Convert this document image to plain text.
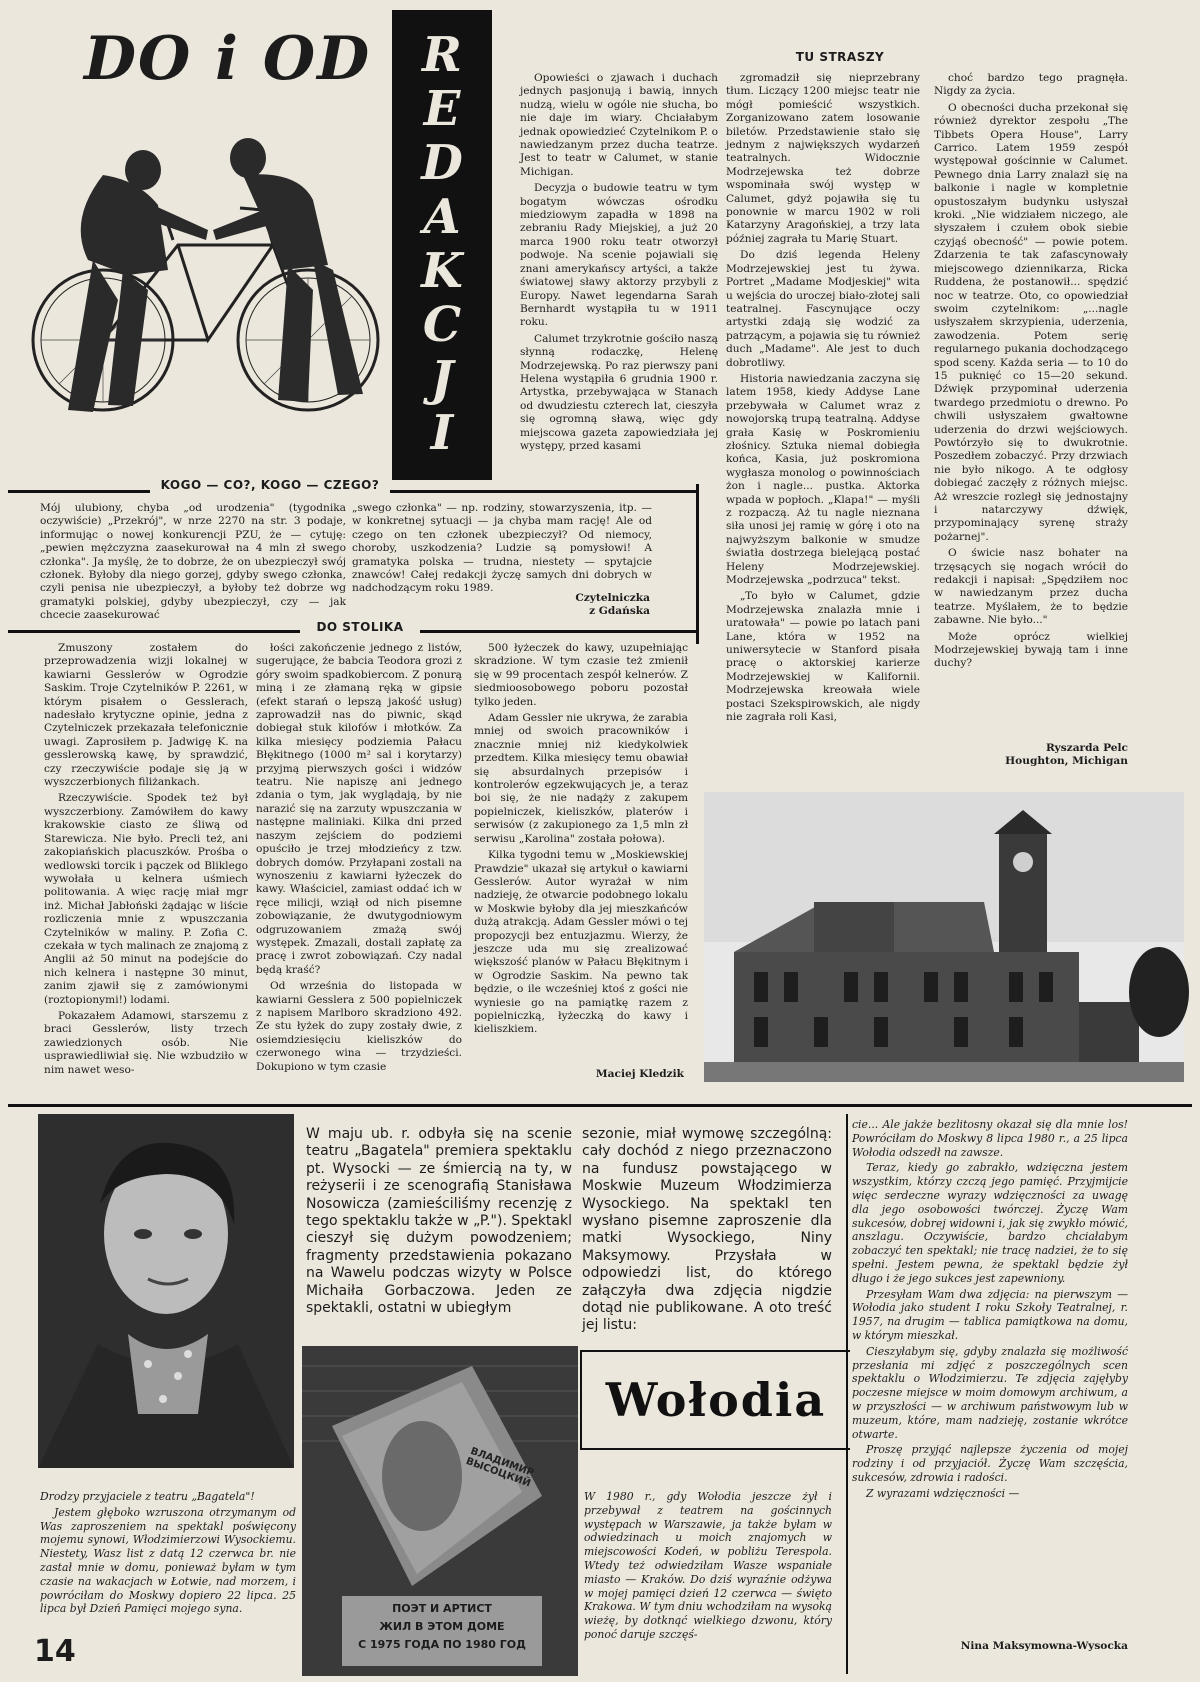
DO i OD	R
E
D
A
K
C
J
I
TU STRASZY

Opowieści o zjawach i duchach jednych pasjonują i bawią, innych nudzą, wielu w ogóle nie słucha, bo nie daje im wiary. Chciałabym jednak opowiedzieć Czytelnikom P. o nawiedzanym przez ducha teatrze. Jest to teatr w Calumet, w stanie Michigan.

Decyzja o budowie teatru w tym bogatym wówczas ośrodku miedziowym zapadła w 1898 na zebraniu Rady Miejskiej, a już 20 marca 1900 roku teatr otworzył podwoje. Na scenie pojawiali się znani amerykańscy artyści, a także światowej sławy aktorzy przybyli z Europy. Nawet legendarna Sarah Bernhardt wystąpiła tu w 1911 roku.

Calumet trzykrotnie gościło naszą słynną rodaczkę, Helenę Modrzejewską. Po raz pierwszy pani Helena wystąpiła 6 grudnia 1900 r. Artystka, przebywająca w Stanach od dwudziestu czterech lat, cieszyła się ogromną sławą, więc gdy miejscowa gazeta zapowiedziała jej występy, przed kasami

zgromadził się nieprzebrany tłum. Liczący 1200 miejsc teatr nie mógł pomieścić wszystkich. Zorganizowano zatem losowanie biletów. Przedstawienie stało się jednym z największych wydarzeń teatralnych. Widocznie Modrzejewska też dobrze wspominała swój występ w Calumet, gdyż pojawiła się tu ponownie w marcu 1902 w roli Katarzyny Aragońskiej, a trzy lata później zagrała tu Marię Stuart.

Do dziś legenda Heleny Modrzejewskiej jest tu żywa. Portret „Madame Modjeskiej" wita u wejścia do uroczej biało-złotej sali teatralnej. Fascynujące oczy artystki zdają się wodzić za patrzącym, a pojawia się tu również duch „Madame". Ale jest to duch dobrotliwy.

Historia nawiedzania zaczyna się latem 1958, kiedy Addyse Lane przebywała w Calumet wraz z nowojorską trupą teatralną. Addyse grała Kasię w Poskromieniu złośnicy. Sztuka niemal dobiegła końca, Kasia, już poskromiona wygłasza monolog o powinnościach żon i nagle... pustka. Aktorka wpada w popłoch. „Klapa!" — myśli z rozpaczą. Aż tu nagle nieznana siła unosi jej ramię w górę i oto na najwyższym balkonie w smudze światła dostrzega bielejącą postać Heleny Modrzejewskiej. Modrzejewska „podrzuca" tekst.

„To było w Calumet, gdzie Modrzejewska znalazła mnie i uratowała" — powie po latach pani Lane, która w 1952 na uniwersytecie w Stanford pisała pracę o aktorskiej karierze Modrzejewskiej w Kalifornii. Modrzejewska kreowała wiele postaci Szekspirowskich, ale nigdy nie zagrała roli Kasi,

choć bardzo tego pragnęła. Nigdy za życia.

O obecności ducha przekonał się również dyrektor zespołu „The Tibbets Opera House", Larry Carrico. Latem 1959 zespół występował gościnnie w Calumet. Pewnego dnia Larry znalazł się na balkonie i nagle w kompletnie opustoszałym budynku usłyszał kroki. „Nie widziałem niczego, ale słyszałem i czułem obok siebie czyjąś obecność" — powie potem. Zdarzenia te tak zafascynowały miejscowego dziennikarza, Ricka Ruddena, że postanowił... spędzić noc w teatrze. Oto, co opowiedział swoim czytelnikom: „...nagle usłyszałem skrzypienia, uderzenia, zawodzenia. Potem serię regularnego pukania dochodzącego spod sceny. Każda seria — to 10 do 15 puknięć co 15—20 sekund. Dźwięk przypominał uderzenia twardego przedmiotu o drewno. Po chwili usłyszałem gwałtowne uderzenia do drzwi wejściowych. Powtórzyło się to dwukrotnie. Poszedłem zobaczyć. Przy drzwiach nie było nikogo. A te odgłosy dobiegać zaczęły z różnych miejsc. Aż wreszcie rozległ się jednostajny i natarczywy dźwięk, przypominający syrenę straży pożarnej".

O świcie nasz bohater na trzęsących się nogach wrócił do redakcji i napisał: „Spędziłem noc w nawiedzanym przez ducha teatrze. Myślałem, że to będzie zabawne. Nie było..."

Może oprócz wielkiej Modrzejewskiej bywają tam i inne duchy?

Ryszarda Pelc
Houghton, Michigan
KOGO — CO?, KOGO — CZEGO?
Mój ulubiony, chyba „od urodzenia" (tygodnika oczywiście) „Przekrój", w nrze 2270 na str. 3 podaje, informując o nowej konkurencji PZU, że — cytuję: „pewien mężczyzna zaasekurował na 4 mln zł swego członka". Ja myślę, że to dobrze, że on ubezpieczył swój członek. Byłoby dla niego gorzej, gdyby swego członka, czyli penisa nie ubezpieczył, a byłoby też dobrze wg gramatyki polskiej, gdyby ubezpieczył, czy — jak chcecie zaasekurować
„swego członka" — np. rodziny, stowarzyszenia, itp. — w konkretnej sytuacji — ja chyba mam rację! Ale od czego on ten członek ubezpieczył? Od niemocy, choroby, uszkodzenia? Ludzie są pomysłowi! A gramatyka polska — trudna, niestety — spytajcie znawców! Całej redakcji życzę samych dni dobrych w nadchodzącym roku 1989.
Czytelniczka
z Gdańska
DO STOLIKA

Zmuszony zostałem do przeprowadzenia wizji lokalnej w kawiarni Gesslerów w Ogrodzie Saskim. Troje Czytelników P. 2261, w którym pisałem o Gesslerach, nadesłało krytyczne opinie, jedna z Czytelniczek przekazała telefonicznie uwagi. Zaprosiłem p. Jadwigę K. na gesslerowską kawę, by sprawdzić, czy rzeczywiście podaje się ją w wyszczerbionych filiżankach.

Rzeczywiście. Spodek też był wyszczerbiony. Zamówiłem do kawy krakowskie ciasto ze śliwą od Starewicza. Nie było. Precli też, ani zakopiańskich placuszków. Prośba o wedlowski torcik i pączek od Bliklego wywołała u kelnera uśmiech politowania. A więc rację miał mgr inż. Michał Jabłoński żądając w liście rozliczenia mnie z wpuszczania Czytelników w maliny. P. Zofia C. czekała w tych malinach ze znajomą z Anglii aż 50 minut na podejście do nich kelnera i następne 30 minut, zanim zjawił się z zamówionymi (roztopionymi!) lodami.

Pokazałem Adamowi, starszemu z braci Gesslerów, listy trzech zawiedzionych osób. Nie usprawiedliwiał się. Nie wzbudziło w nim nawet weso-

łości zakończenie jednego z listów, sugerujące, że babcia Teodora grozi z góry swoim spadkobiercom. Z ponurą miną i ze złamaną ręką w gipsie (efekt starań o lepszą jakość usług) zaprowadził nas do piwnic, skąd dobiegał stuk kilofów i młotków. Za kilka miesięcy podziemia Pałacu Błękitnego (1000 m² sal i korytarzy) przyjmą pierwszych gości i widzów teatru. Nie napiszę ani jednego zdania o tym, jak wyglądają, by nie narazić się na zarzuty wpuszczania w następne maliniaki. Kilka dni przed naszym zejściem do podziemi opuściło je trzej młodzieńcy z tzw. dobrych domów. Przyłapani zostali na wynoszeniu z kawiarni łyżeczek do kawy. Właściciel, zamiast oddać ich w ręce milicji, wziął od nich pisemne zobowiązanie, że dwutygodniowym odgruzowaniem zmażą swój występek. Zmazali, dostali zapłatę za pracę i zwrot zobowiązań. Czy nadal będą kraść?

Od września do listopada w kawiarni Gesslera z 500 popielniczek z napisem Marlboro skradziono 492. Ze stu łyżek do zupy zostały dwie, z osiemdziesięciu kieliszków do czerwonego wina — trzydzieści. Dokupiono w tym czasie

500 łyżeczek do kawy, uzupełniając skradzione. W tym czasie też zmienił się w 99 procentach zespół kelnerów. Z siedmioosobowego poboru pozostał tylko jeden.

Adam Gessler nie ukrywa, że zarabia mniej od swoich pracowników i znacznie mniej niż kiedykolwiek przedtem. Kilka miesięcy temu obawiał się absurdalnych przepisów i kontrolerów egzekwujących je, a teraz boi się, że nie nadąży z zakupem popielniczek, kieliszków, platerów i serwisów (z zakupionego za 1,5 mln zł serwisu „Karolina" została połowa).

Kilka tygodni temu w „Moskiewskiej Prawdzie" ukazał się artykuł o kawiarni Gesslerów. Autor wyrażał w nim nadzieję, że otwarcie podobnego lokalu w Moskwie byłoby dla jej mieszkańców dużą atrakcją. Adam Gessler mówi o tej propozycji bez entuzjazmu. Wierzy, że jeszcze uda mu się zrealizować większość planów w Pałacu Błękitnym i w Ogrodzie Saskim. Na pewno tak będzie, o ile wcześniej ktoś z gości nie wyniesie go na pamiątkę razem z popielniczką, łyżeczką do kawy i kieliszkiem.

Maciej Kledzik
W maju ub. r. odbyła się na scenie teatru „Bagatela" premiera spektaklu pt. Wysocki — ze śmiercią na ty, w reżyserii i ze scenografią Stanisława Nosowicza (zamieściliśmy recenzję z tego spektaklu także w „P."). Spektakl cieszył się dużym powodzeniem; fragmenty przedstawienia pokazano na Wawelu podczas wizyty w Polsce Michaiła Gorbaczowa. Jeden ze spektakli, ostatni w ubiegłym
sezonie, miał wymowę szczególną: cały dochód z niego przeznaczono na fundusz powstającego w Moskwie Muzeum Włodzimierza Wysockiego. Na spektakl ten wysłano pisemne zaproszenie dla matki Wysockiego, Niny Maksymowy. Przysłała w odpowiedzi list, do którego załączyła dwa zdjęcia nigdzie dotąd nie publikowane. A oto treść jej listu:
Wołodia
ВЛАДИМИР ВЫСОЦКИЙ
ПОЭТ И АРТИСТ
ЖИЛ В ЭТОМ ДОМЕ
С 1975 ГОДА ПО 1980 ГОД

Drodzy przyjaciele z teatru „Bagatela"!

Jestem głęboko wzruszona otrzymanym od Was zaproszeniem na spektakl poświęcony mojemu synowi, Włodzimierzowi Wysockiemu. Niestety, Wasz list z datą 12 czerwca br. nie zastał mnie w domu, ponieważ byłam w tym czasie na wakacjach w Łotwie, nad morzem, i powróciłam do Moskwy dopiero 22 lipca. 25 lipca był Dzień Pamięci mojego syna.

W 1980 r., gdy Wołodia jeszcze żył i przebywał z teatrem na gościnnych występach w Warszawie, ja także byłam w odwiedzinach u moich znajomych w miejscowości Kodeń, w pobliżu Terespola. Wtedy też odwiedziłam Wasze wspaniałe miasto — Kraków. Do dziś wyraźnie odżywa w mojej pamięci dzień 12 czerwca — święto Krakowa. W tym dniu wchodziłam na wysoką wieżę, by dotknąć wielkiego dzwonu, który ponoć daruje szczęś-

cie... Ale jakże bezlitosny okazał się dla mnie los! Powróciłam do Moskwy 8 lipca 1980 r., a 25 lipca Wołodia odszedł na zawsze.

Teraz, kiedy go zabrakło, wdzięczna jestem wszystkim, którzy czczą jego pamięć. Przyjmijcie więc serdeczne wyrazy wdzięczności za uwagę dla jego osobowości twórczej. Życzę Wam sukcesów, dobrej widowni i, jak się zwykło mówić, anszlagu. Oczywiście, bardzo chciałabym zobaczyć ten spektakl; nie tracę nadziei, że to się spełni. Jestem pewna, że spektakl będzie żył długo i że jego sukces jest zapewniony.

Przesyłam Wam dwa zdjęcia: na pierwszym — Wołodia jako student I roku Szkoły Teatralnej, r. 1957, na drugim — tablica pamiątkowa na domu, w którym mieszkał.

Cieszyłabym się, gdyby znalazła się możliwość przesłania mi zdjęć z poszczególnych scen spektaklu o Włodzimierzu. Te zdjęcia zajęłyby poczesne miejsce w moim domowym archiwum, a w przyszłości — w archiwum państwowym lub w muzeum, które, mam nadzieję, zostanie wkrótce otwarte.

Proszę przyjąć najlepsze życzenia od mojej rodziny i od przyjaciół. Życzę Wam szczęścia, sukcesów, zdrowia i radości.

Z wyrazami wdzięczności —

Nina Maksymowna-Wysocka
14
